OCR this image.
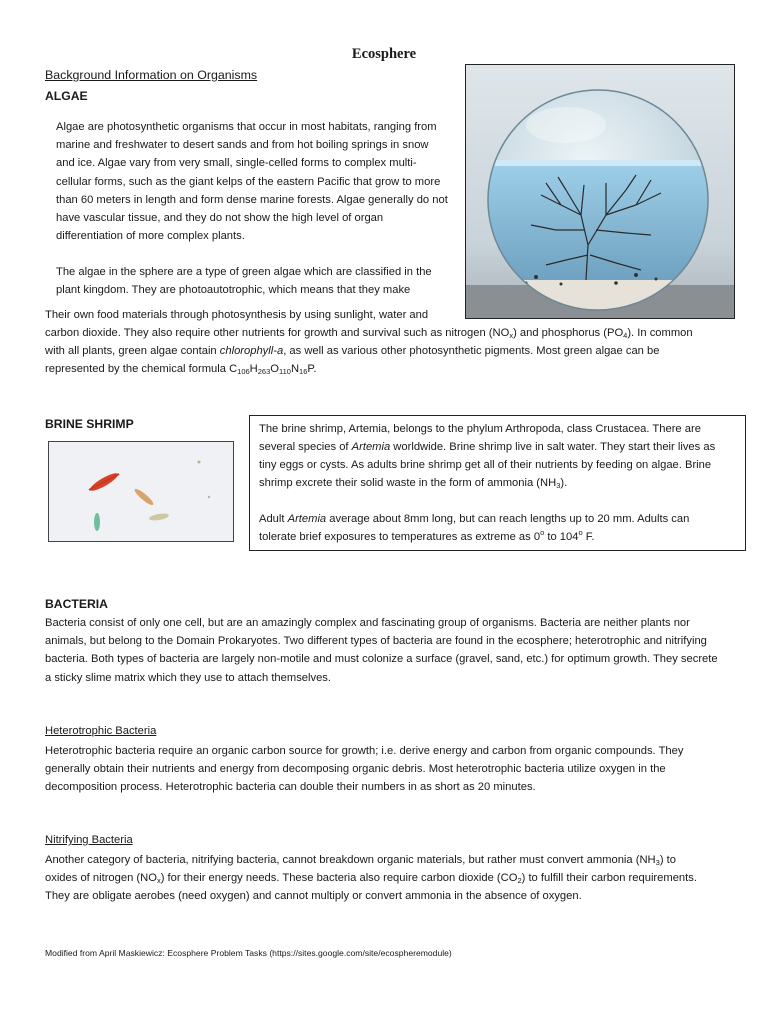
Ecosphere
Background Information on Organisms
ALGAE

Algae are photosynthetic organisms that occur in most habitats, ranging from marine and freshwater to desert sands and from hot boiling springs in snow and ice. Algae vary from very small, single-celled forms to complex multi-cellular forms, such as the giant kelps of the eastern Pacific that grow to more than 60 meters in length and form dense marine forests. Algae generally do not have vascular tissue, and they do not show the high level of organ differentiation of more complex plants.

The algae in the sphere are a type of green algae which are classified in the
plant kingdom. They are photoautotrophic, which means that they make
Their own food materials through photosynthesis by using sunlight, water and
carbon dioxide. They also require other nutrients for growth and survival such as nitrogen $(NO_x)$ and phosphorus $(PO_4)$. In common
with all plants, green algae contain chlorophyll-a, as well as various other photosynthetic pigments. Most green algae can be
represented by the chemical formula $C_{106}H_{263}O_{110}N_{16}P$.
BRINE SHRIMP	The brine shrimp, Artemia, belongs to the phylum Arthropoda, class Crustacea. There are
several species of Artemia worldwide. Brine shrimp live in salt water. They start their lives as
tiny eggs or cysts. As adults brine shrimp get all of their nutrients by feeding on algae. Brine
shrimp excrete their solid waste in the form of ammonia $(NH_3)$.
Adult Artemia average about 8mm long, but can reach lengths up to 20 mm. Adults can
tolerate brief exposures to temperatures as extreme as 0$^o$ to 104$^o$ F.
BACTERIA

Bacteria consist of only one cell, but are an amazingly complex and fascinating group of organisms. Bacteria are neither plants nor animals, but belong to the Domain Prokaryotes. Two different types of bacteria are found in the ecosphere; heterotrophic and nitrifying bacteria. Both types of bacteria are largely non-motile and must colonize a surface (gravel, sand, etc.) for optimum growth. They secrete a sticky slime matrix which they use to attach themselves.

Heterotrophic Bacteria

Heterotrophic bacteria require an organic carbon source for growth; i.e. derive energy and carbon from organic compounds. They generally obtain their nutrients and energy from decomposing organic debris. Most heterotrophic bacteria utilize oxygen in the decomposition process. Heterotrophic bacteria can double their numbers in as short as 20 minutes.

Nitrifying Bacteria
Another category of bacteria, nitrifying bacteria, cannot breakdown organic materials, but rather must convert ammonia $(NH_3)$ to
oxides of nitrogen $(NO_x)$ for their energy needs. These bacteria also require carbon dioxide $(CO_2)$ to fulfill their carbon requirements.
They are obligate aerobes (need oxygen) and cannot multiply or convert ammonia in the absence of oxygen.
Modified from April Maskiewicz: Ecosphere Problem Tasks (https://sites.google.com/site/ecospheremodule)
